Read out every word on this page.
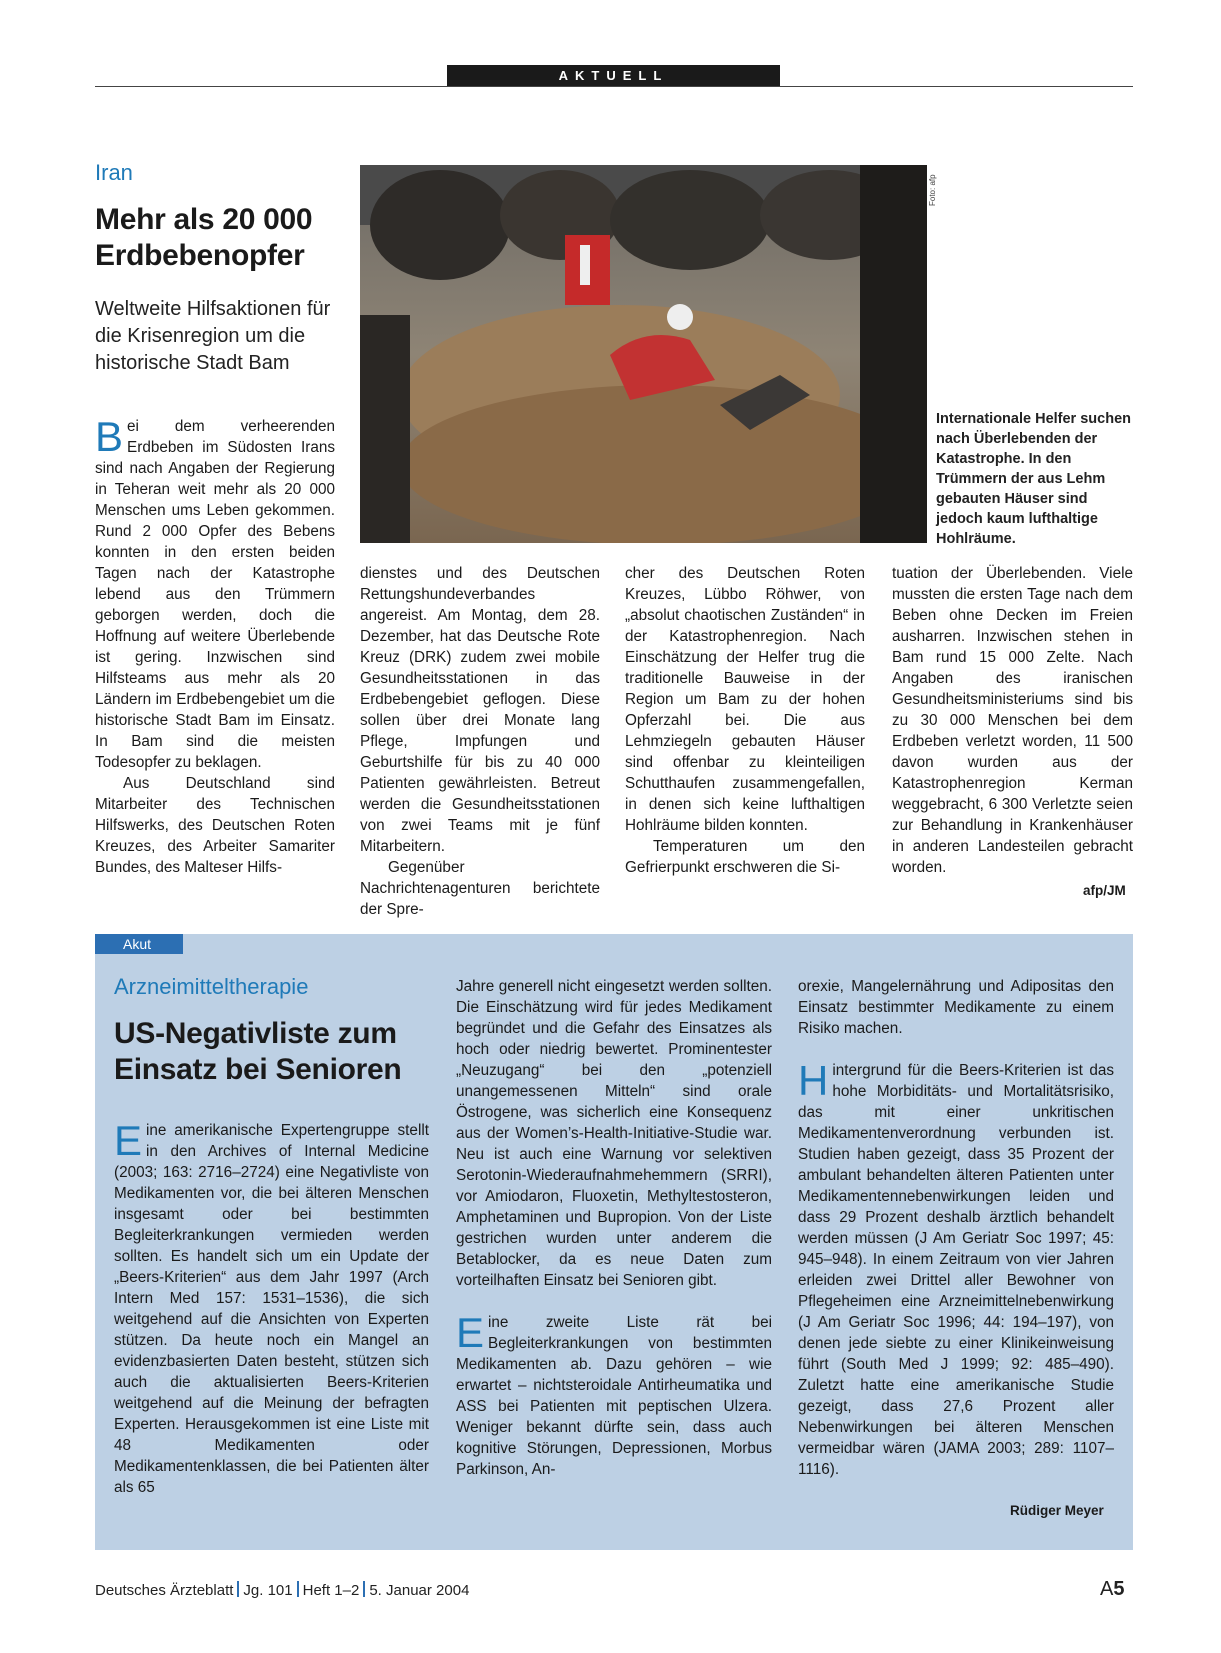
AKTUELL
Iran
Mehr als 20 000
Erdbebenopfer
Weltweite Hilfsaktionen für die Krisenregion um die historische Stadt Bam
Foto: afp
Internationale Helfer suchen nach Überlebenden der Katastrophe. In den Trümmern der aus Lehm gebauten Häuser sind jedoch kaum lufthaltige Hohlräume.

Bei dem verheerenden Erdbeben im Südosten Irans sind nach Angaben der Regierung in Teheran weit mehr als 20 000 Menschen ums Leben gekommen. Rund 2 000 Opfer des Bebens konnten in den ersten beiden Tagen nach der Katastrophe lebend aus den Trümmern geborgen werden, doch die Hoffnung auf weitere Überlebende ist gering. Inzwischen sind Hilfsteams aus mehr als 20 Ländern im Erdbebengebiet um die historische Stadt Bam im Einsatz. In Bam sind die meisten Todesopfer zu beklagen.

Aus Deutschland sind Mitarbeiter des Technischen Hilfswerks, des Deutschen Roten Kreuzes, des Arbeiter Samariter Bundes, des Malteser Hilfs-

dienstes und des Deutschen Rettungshundeverbandes angereist. Am Montag, dem 28. Dezember, hat das Deutsche Rote Kreuz (DRK) zudem zwei mobile Gesundheitsstationen in das Erdbebengebiet geflogen. Diese sollen über drei Monate lang Pflege, Impfungen und Geburtshilfe für bis zu 40 000 Patienten gewährleisten. Betreut werden die Gesundheitsstationen von zwei Teams mit je fünf Mitarbeitern.

Gegenüber Nachrichtenagenturen berichtete der Spre-

cher des Deutschen Roten Kreuzes, Lübbo Röhwer, von „absolut chaotischen Zuständen“ in der Katastrophenregion. Nach Einschätzung der Helfer trug die traditionelle Bauweise in der Region um Bam zu der hohen Opferzahl bei. Die aus Lehmziegeln gebauten Häuser sind offenbar zu kleinteiligen Schutthaufen zusammengefallen, in denen sich keine lufthaltigen Hohlräume bilden konnten.

Temperaturen um den Gefrierpunkt erschweren die Si-

tuation der Überlebenden. Viele mussten die ersten Tage nach dem Beben ohne Decken im Freien ausharren. Inzwischen stehen in Bam rund 15 000 Zelte. Nach Angaben des iranischen Gesundheitsministeriums sind bis zu 30 000 Menschen bei dem Erdbeben verletzt worden, 11 500 davon wurden aus der Katastrophenregion Kerman weggebracht, 6 300 Verletzte seien zur Behandlung in Krankenhäuser in anderen Landesteilen gebracht worden.

afp/JM
Akut
Arzneimitteltherapie
US-Negativliste zum
Einsatz bei Senioren

Eine amerikanische Expertengruppe stellt in den Archives of Internal Medicine (2003; 163: 2716–2724) eine Negativliste von Medikamenten vor, die bei älteren Menschen insgesamt oder bei bestimmten Begleiterkrankungen vermieden werden sollten. Es handelt sich um ein Update der „Beers-Kriterien“ aus dem Jahr 1997 (Arch Intern Med 157: 1531–1536), die sich weitgehend auf die Ansichten von Experten stützen. Da heute noch ein Mangel an evidenzbasierten Daten besteht, stützen sich auch die aktualisierten Beers-Kriterien weitgehend auf die Meinung der befragten Experten. Herausgekommen ist eine Liste mit 48 Medikamenten oder Medikamentenklassen, die bei Patienten älter als 65

Jahre generell nicht eingesetzt werden sollten. Die Einschätzung wird für jedes Medikament begründet und die Gefahr des Einsatzes als hoch oder niedrig bewertet. Prominentester „Neuzugang“ bei den „potenziell unangemessenen Mitteln“ sind orale Östrogene, was sicherlich eine Konsequenz aus der Women’s-Health-Initiative-Studie war. Neu ist auch eine Warnung vor selektiven Serotonin-Wiederaufnahmehemmern (SRRI), vor Amiodaron, Fluoxetin, Methyltestosteron, Amphetaminen und Bupropion. Von der Liste gestrichen wurden unter anderem die Betablocker, da es neue Daten zum vorteilhaften Einsatz bei Senioren gibt.

Eine zweite Liste rät bei Begleiterkrankungen von bestimmten Medikamenten ab. Dazu gehören – wie erwartet – nichtsteroidale Antirheumatika und ASS bei Patienten mit peptischen Ulzera. Weniger bekannt dürfte sein, dass auch kognitive Störungen, Depressionen, Morbus Parkinson, An-

orexie, Mangelernährung und Adipositas den Einsatz bestimmter Medikamente zu einem Risiko machen.

Hintergrund für die Beers-Kriterien ist das hohe Morbiditäts- und Mortalitätsrisiko, das mit einer unkritischen Medikamentenverordnung verbunden ist. Studien haben gezeigt, dass 35 Prozent der ambulant behandelten älteren Patienten unter Medikamentennebenwirkungen leiden und dass 29 Prozent deshalb ärztlich behandelt werden müssen (J Am Geriatr Soc 1997; 45: 945–948). In einem Zeitraum von vier Jahren erleiden zwei Drittel aller Bewohner von Pflegeheimen eine Arzneimittelnebenwirkung (J Am Geriatr Soc 1996; 44: 194–197), von denen jede siebte zu einer Klinikeinweisung führt (South Med J 1999; 92: 485–490). Zuletzt hatte eine amerikanische Studie gezeigt, dass 27,6 Prozent aller Nebenwirkungen bei älteren Menschen vermeidbar wären (JAMA 2003; 289: 1107–1116).

Rüdiger Meyer
Deutsches Ärzteblatt Jg. 101 Heft 1–2 5. Januar 2004	A5
